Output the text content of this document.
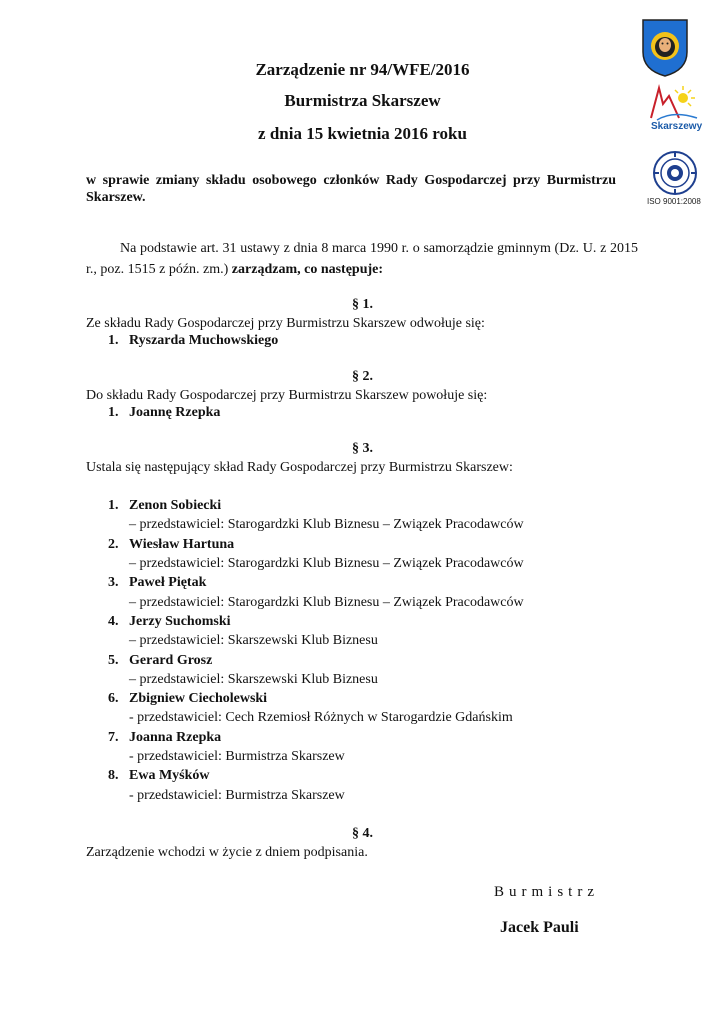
Skarszewy
ISO 9001:2008
Zarządzenie nr 94/WFE/2016
Burmistrza Skarszew
z dnia 15 kwietnia 2016 roku
w sprawie zmiany składu osobowego członków Rady Gospodarczej przy Burmistrzu Skarszew.
Na podstawie art. 31 ustawy z dnia 8 marca 1990 r. o samorządzie gminnym (Dz. U. z 2015 r., poz. 1515 z późn. zm.) zarządzam, co następuje:
§ 1.
Ze składu Rady Gospodarczej przy Burmistrzu Skarszew odwołuje się:
1. Ryszarda Muchowskiego
§ 2.
Do składu Rady Gospodarczej przy Burmistrzu Skarszew powołuje się:
1. Joannę Rzepka
§ 3.
Ustala się następujący skład Rady Gospodarczej przy Burmistrzu Skarszew:
1. Zenon Sobiecki
– przedstawiciel: Starogardzki Klub Biznesu – Związek Pracodawców
2. Wiesław Hartuna
– przedstawiciel: Starogardzki Klub Biznesu – Związek Pracodawców
3. Paweł Piętak
– przedstawiciel: Starogardzki Klub Biznesu – Związek Pracodawców
4. Jerzy Suchomski
– przedstawiciel: Skarszewski Klub Biznesu
5. Gerard Grosz
– przedstawiciel: Skarszewski Klub Biznesu
6. Zbigniew Ciecholewski
- przedstawiciel: Cech Rzemiosł Różnych w Starogardzie Gdańskim
7. Joanna Rzepka
- przedstawiciel: Burmistrza Skarszew
8. Ewa Myśków
- przedstawiciel: Burmistrza Skarszew
§ 4.
Zarządzenie wchodzi w życie z dniem podpisania.
Burmistrz
Jacek Pauli
